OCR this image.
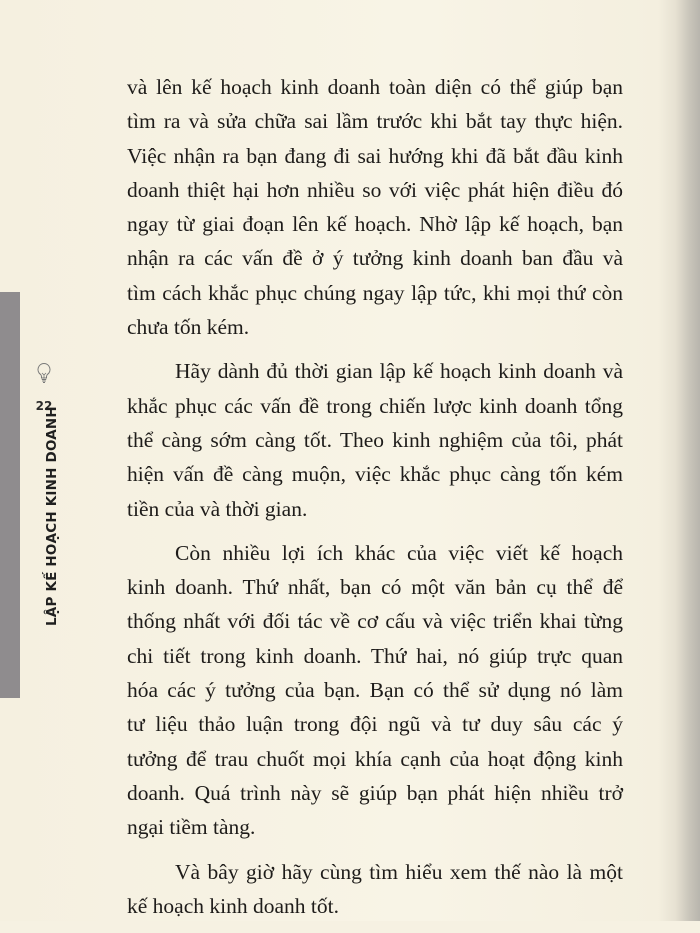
22
LẬP KẾ HOẠCH KINH DOANH
và lên kế hoạch kinh doanh toàn diện có thể giúp bạn
tìm ra và sửa chữa sai lầm trước khi bắt tay thực hiện.
Việc nhận ra bạn đang đi sai hướng khi đã bắt đầu kinh
doanh thiệt hại hơn nhiều so với việc phát hiện điều đó
ngay từ giai đoạn lên kế hoạch. Nhờ lập kế hoạch, bạn
nhận ra các vấn đề ở ý tưởng kinh doanh ban đầu và
tìm cách khắc phục chúng ngay lập tức, khi mọi thứ còn
chưa tốn kém.
Hãy dành đủ thời gian lập kế hoạch kinh doanh và
khắc phục các vấn đề trong chiến lược kinh doanh tổng
thể càng sớm càng tốt. Theo kinh nghiệm của tôi, phát
hiện vấn đề càng muộn, việc khắc phục càng tốn kém
tiền của và thời gian.
Còn nhiều lợi ích khác của việc viết kế hoạch
kinh doanh. Thứ nhất, bạn có một văn bản cụ thể để
thống nhất với đối tác về cơ cấu và việc triển khai từng
chi tiết trong kinh doanh. Thứ hai, nó giúp trực quan
hóa các ý tưởng của bạn. Bạn có thể sử dụng nó làm
tư liệu thảo luận trong đội ngũ và tư duy sâu các ý
tưởng để trau chuốt mọi khía cạnh của hoạt động kinh
doanh. Quá trình này sẽ giúp bạn phát hiện nhiều trở
ngại tiềm tàng.
Và bây giờ hãy cùng tìm hiểu xem thế nào là một
kế hoạch kinh doanh tốt.
